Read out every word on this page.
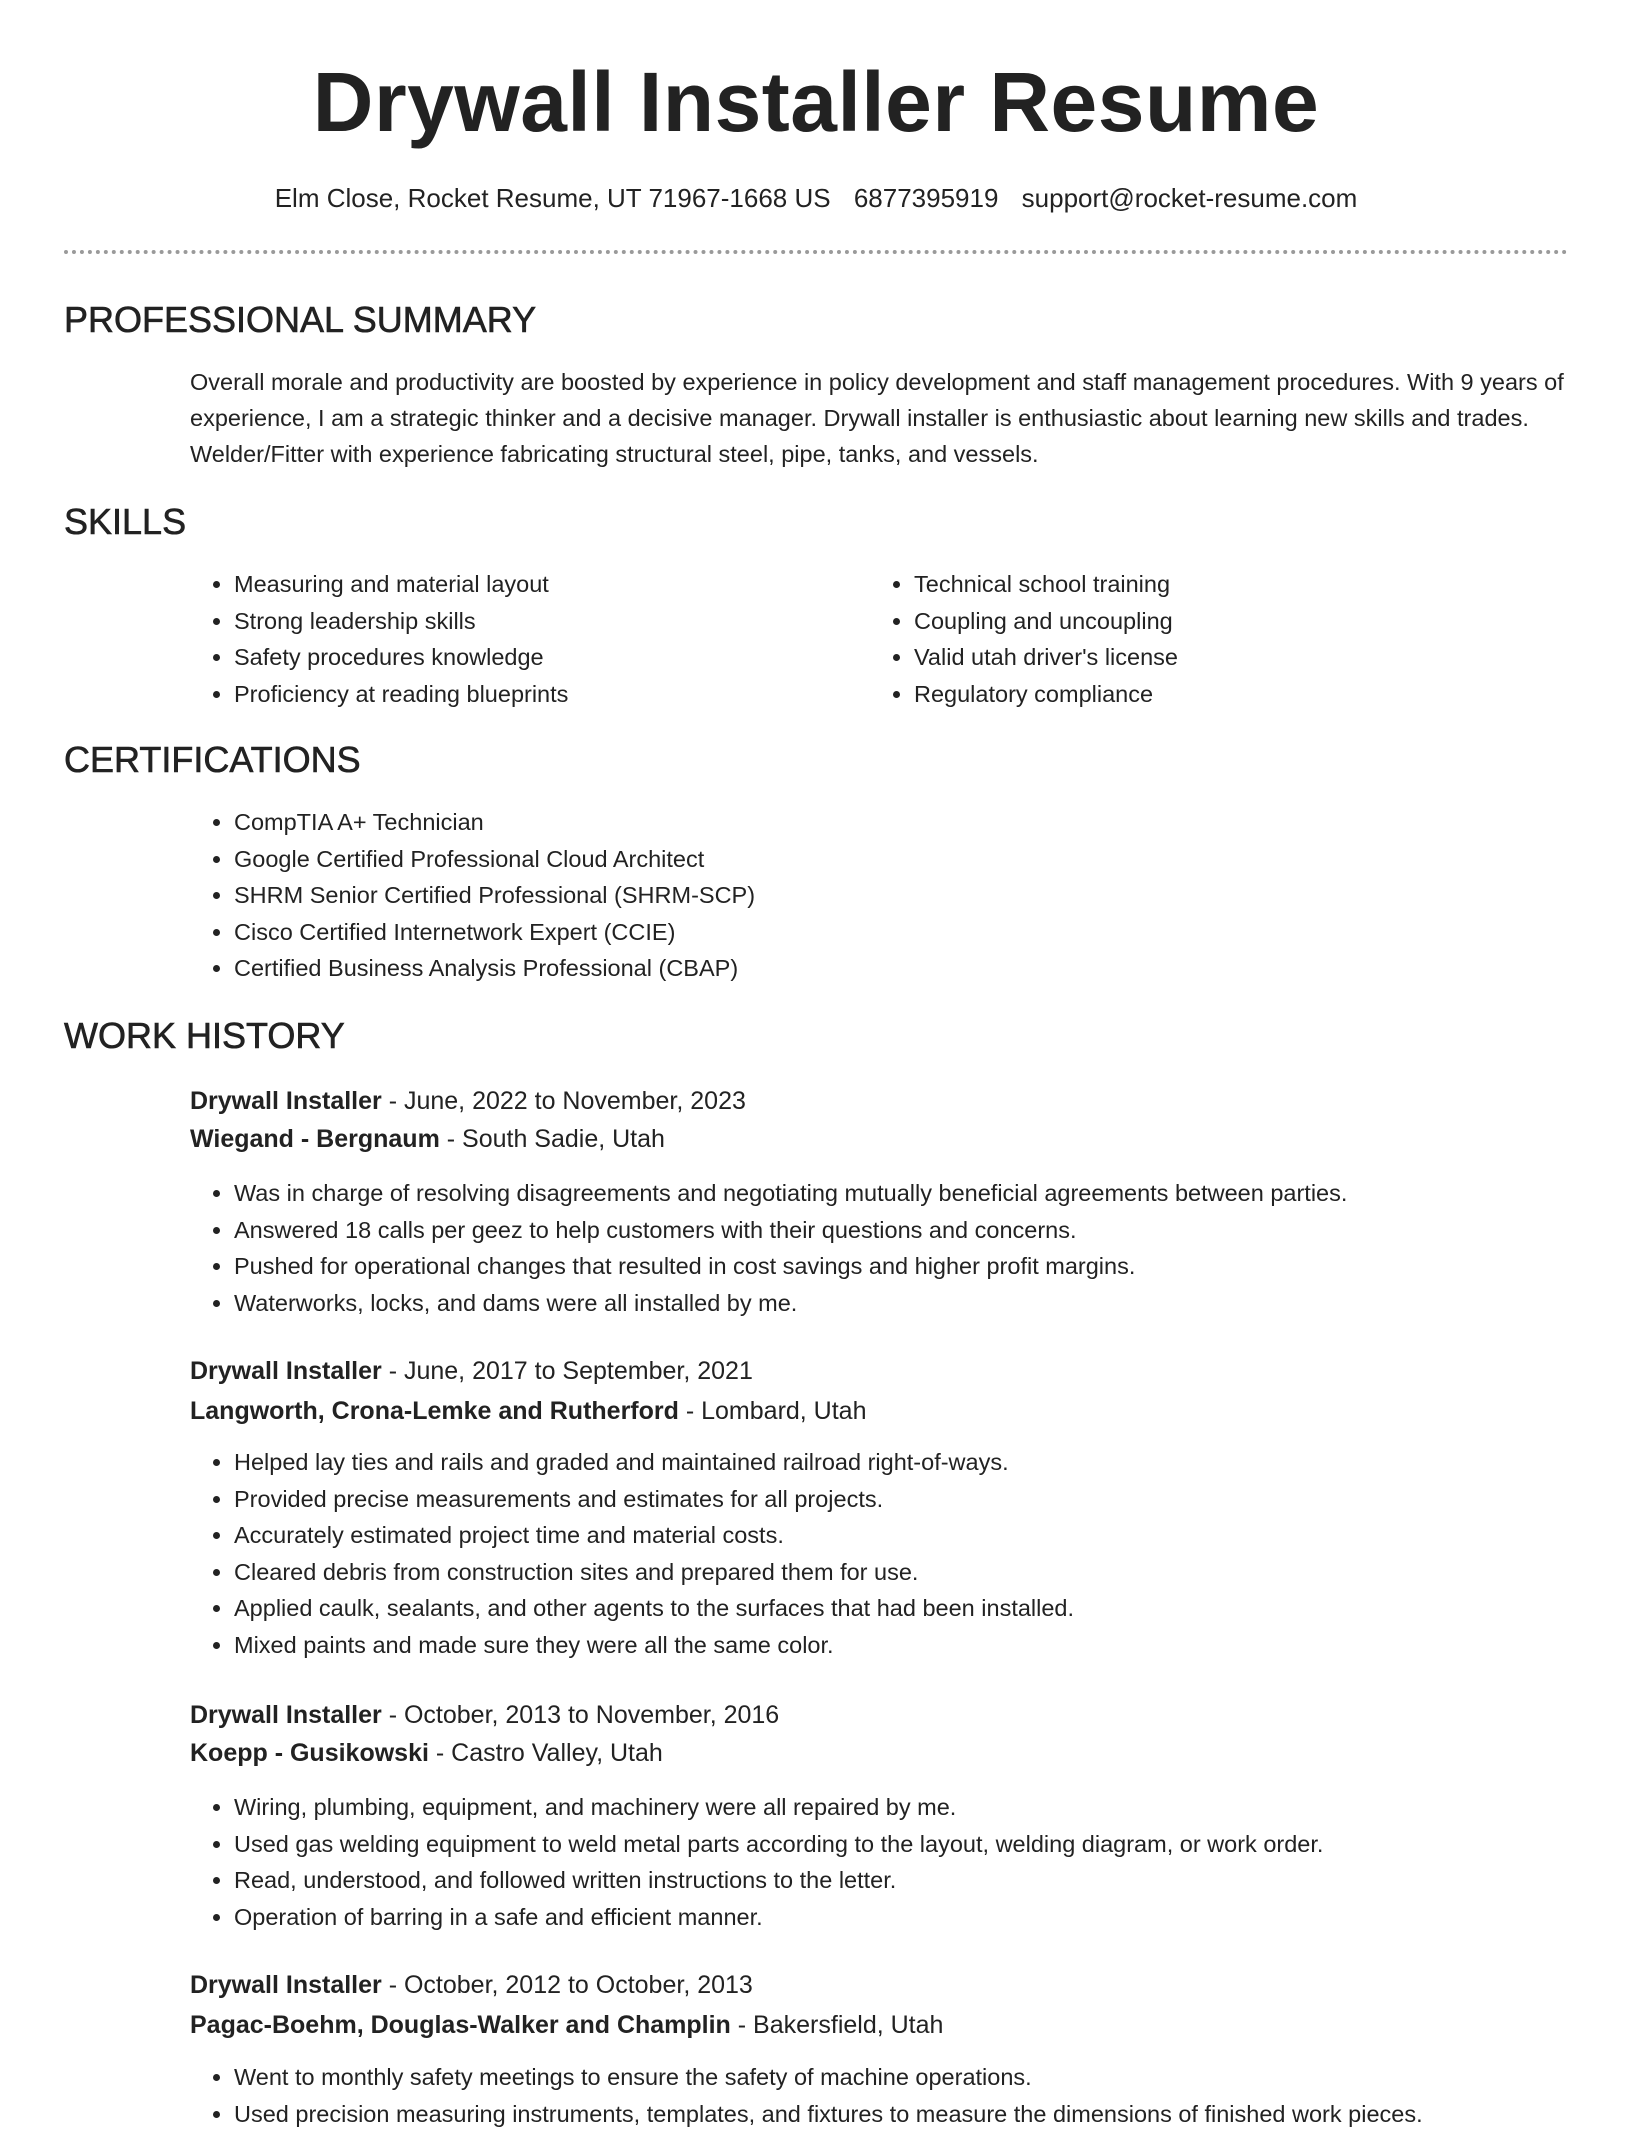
Drywall Installer Resume
Elm Close, Rocket Resume, UT 71967-1668 US 6877395919 support@rocket-resume.com
PROFESSIONAL SUMMARY

Overall morale and productivity are boosted by experience in policy development and staff management procedures. With 9 years of experience, I am a strategic thinker and a decisive manager. Drywall installer is enthusiastic about learning new skills and trades. Welder/Fitter with experience fabricating structural steel, pipe, tanks, and vessels.

SKILLS
• Measuring and material layout
• Strong leadership skills
• Safety procedures knowledge
• Proficiency at reading blueprints
• Technical school training
• Coupling and uncoupling
• Valid utah driver's license
• Regulatory compliance
CERTIFICATIONS
• CompTIA A+ Technician
• Google Certified Professional Cloud Architect
• SHRM Senior Certified Professional (SHRM-SCP)
• Cisco Certified Internetwork Expert (CCIE)
• Certified Business Analysis Professional (CBAP)
WORK HISTORY
Drywall Installer - June, 2022 to November, 2023
Wiegand - Bergnaum - South Sadie, Utah
• Was in charge of resolving disagreements and negotiating mutually beneficial agreements between parties.
• Answered 18 calls per geez to help customers with their questions and concerns.
• Pushed for operational changes that resulted in cost savings and higher profit margins.
• Waterworks, locks, and dams were all installed by me.
Drywall Installer - June, 2017 to September, 2021
Langworth, Crona-Lemke and Rutherford - Lombard, Utah
• Helped lay ties and rails and graded and maintained railroad right-of-ways.
• Provided precise measurements and estimates for all projects.
• Accurately estimated project time and material costs.
• Cleared debris from construction sites and prepared them for use.
• Applied caulk, sealants, and other agents to the surfaces that had been installed.
• Mixed paints and made sure they were all the same color.
Drywall Installer - October, 2013 to November, 2016
Koepp - Gusikowski - Castro Valley, Utah
• Wiring, plumbing, equipment, and machinery were all repaired by me.
• Used gas welding equipment to weld metal parts according to the layout, welding diagram, or work order.
• Read, understood, and followed written instructions to the letter.
• Operation of barring in a safe and efficient manner.
Drywall Installer - October, 2012 to October, 2013
Pagac-Boehm, Douglas-Walker and Champlin - Bakersfield, Utah
• Went to monthly safety meetings to ensure the safety of machine operations.
• Used precision measuring instruments, templates, and fixtures to measure the dimensions of finished work pieces.
